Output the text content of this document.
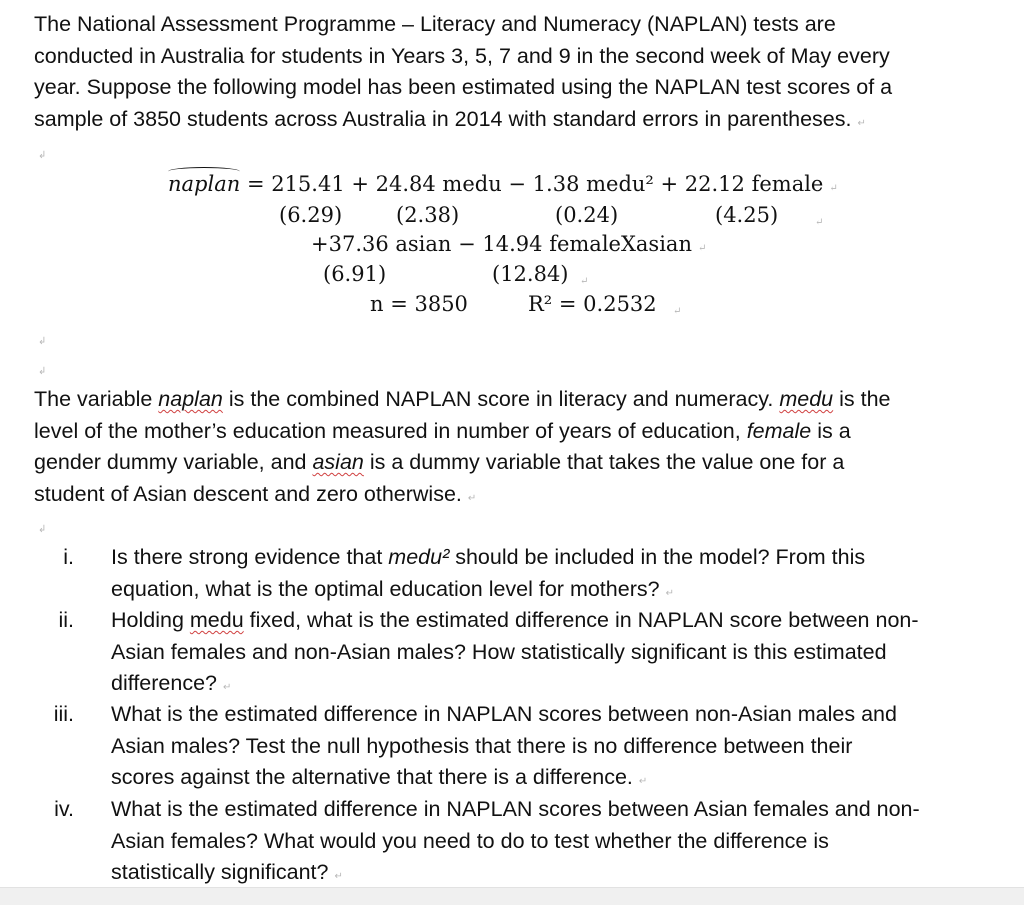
The National Assessment Programme – Literacy and Numeracy (NAPLAN) tests are
conducted in Australia for students in Years 3, 5, 7 and 9 in the second week of May every
year. Suppose the following model has been estimated using the NAPLAN test scores of a
sample of 3850 students across Australia in 2014 with standard errors in parentheses. ↵
↲
naplan = 215.41 + 24.84 medu − 1.38 medu² + 22.12 female ↵
(6.29)	(2.38)	(0.24)	(4.25)	↵
+37.36 asian − 14.94 femaleXasian ↵
(6.91)	(12.84) ↵
n = 3850	R² = 0.2532 ↵
↲
↲
The variable naplan is the combined NAPLAN score in literacy and numeracy. medu is the
level of the mother’s education measured in number of years of education, female is a
gender dummy variable, and asian is a dummy variable that takes the value one for a
student of Asian descent and zero otherwise. ↵
↲
i. Is there strong evidence that medu² should be included in the model? From this
equation, what is the optimal education level for mothers? ↵
ii. Holding medu fixed, what is the estimated difference in NAPLAN score between non-
Asian females and non-Asian males? How statistically significant is this estimated
difference? ↵
iii. What is the estimated difference in NAPLAN scores between non-Asian males and
Asian males? Test the null hypothesis that there is no difference between their
scores against the alternative that there is a difference. ↵
iv. What is the estimated difference in NAPLAN scores between Asian females and non-
Asian females? What would you need to do to test whether the difference is
statistically significant? ↵
